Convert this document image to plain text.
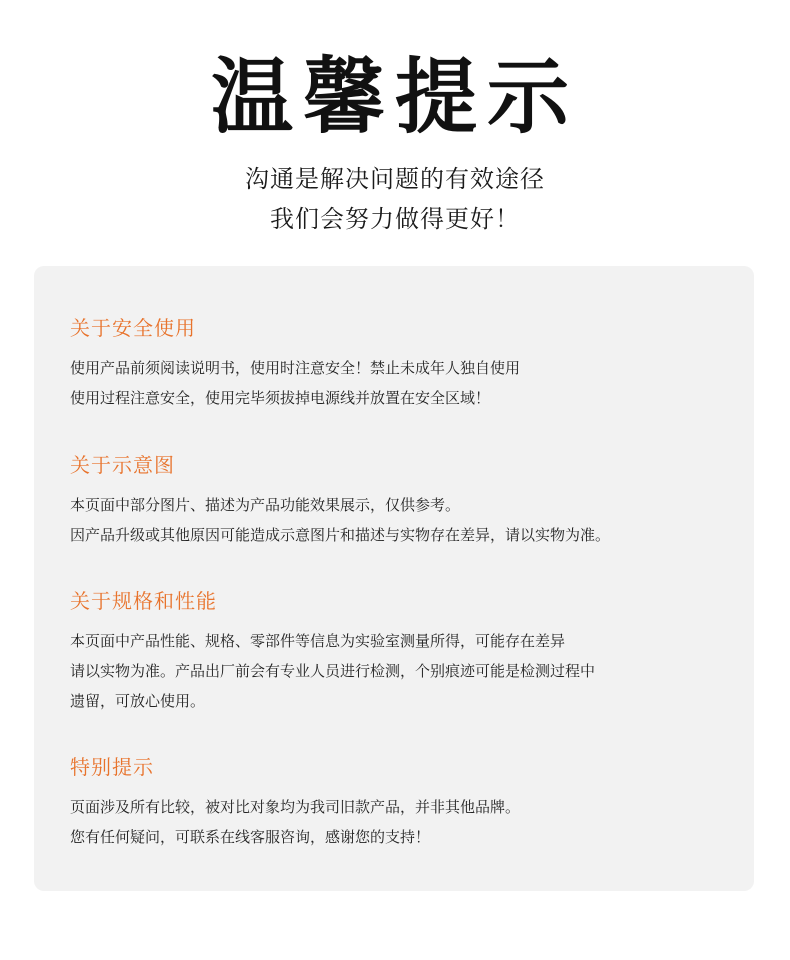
温馨提示
沟通是解决问题的有效途径
我们会努力做得更好！
关于安全使用
使用产品前须阅读说明书，使用时注意安全！禁止未成年人独自使用
使用过程注意安全，使用完毕须拔掉电源线并放置在安全区域！
关于示意图
本页面中部分图片、描述为产品功能效果展示，仅供参考。
因产品升级或其他原因可能造成示意图片和描述与实物存在差异，请以实物为准。
关于规格和性能
本页面中产品性能、规格、零部件等信息为实验室测量所得，可能存在差异
请以实物为准。产品出厂前会有专业人员进行检测，个别痕迹可能是检测过程中
遗留，可放心使用。
特别提示
页面涉及所有比较，被对比对象均为我司旧款产品，并非其他品牌。
您有任何疑问，可联系在线客服咨询，感谢您的支持！
